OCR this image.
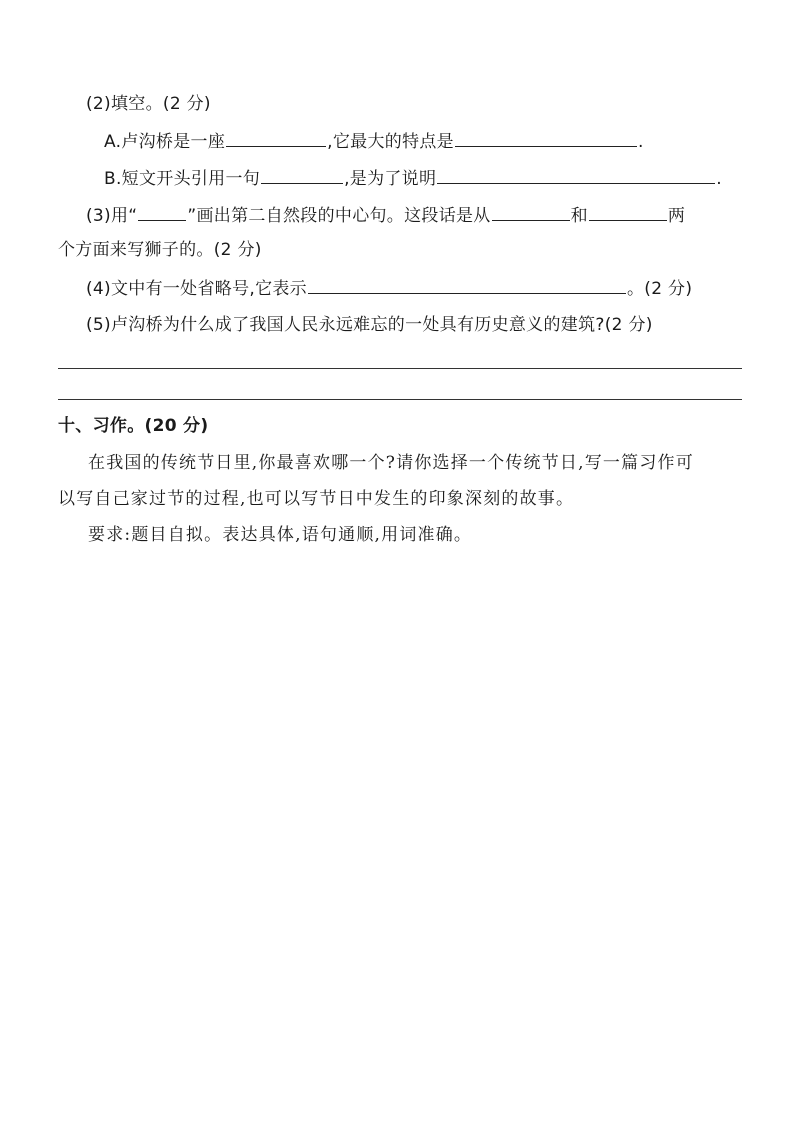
(2)填空。(2 分)
A.卢沟桥是一座	,它最大的特点是	.
B.短文开头引用一句	,是为了说明	.
(3)用“	”画出第二自然段的中心句。这段话是从	和	两
个方面来写狮子的。(2 分)
(4)文中有一处省略号,它表示	。(2 分)
(5)卢沟桥为什么成了我国人民永远难忘的一处具有历史意义的建筑?(2 分)
十、习作。(20 分)
在我国的传统节日里,你最喜欢哪一个?请你选择一个传统节日,写一篇习作可
以写自己家过节的过程,也可以写节日中发生的印象深刻的故事。
要求:题目自拟。表达具体,语句通顺,用词准确。
